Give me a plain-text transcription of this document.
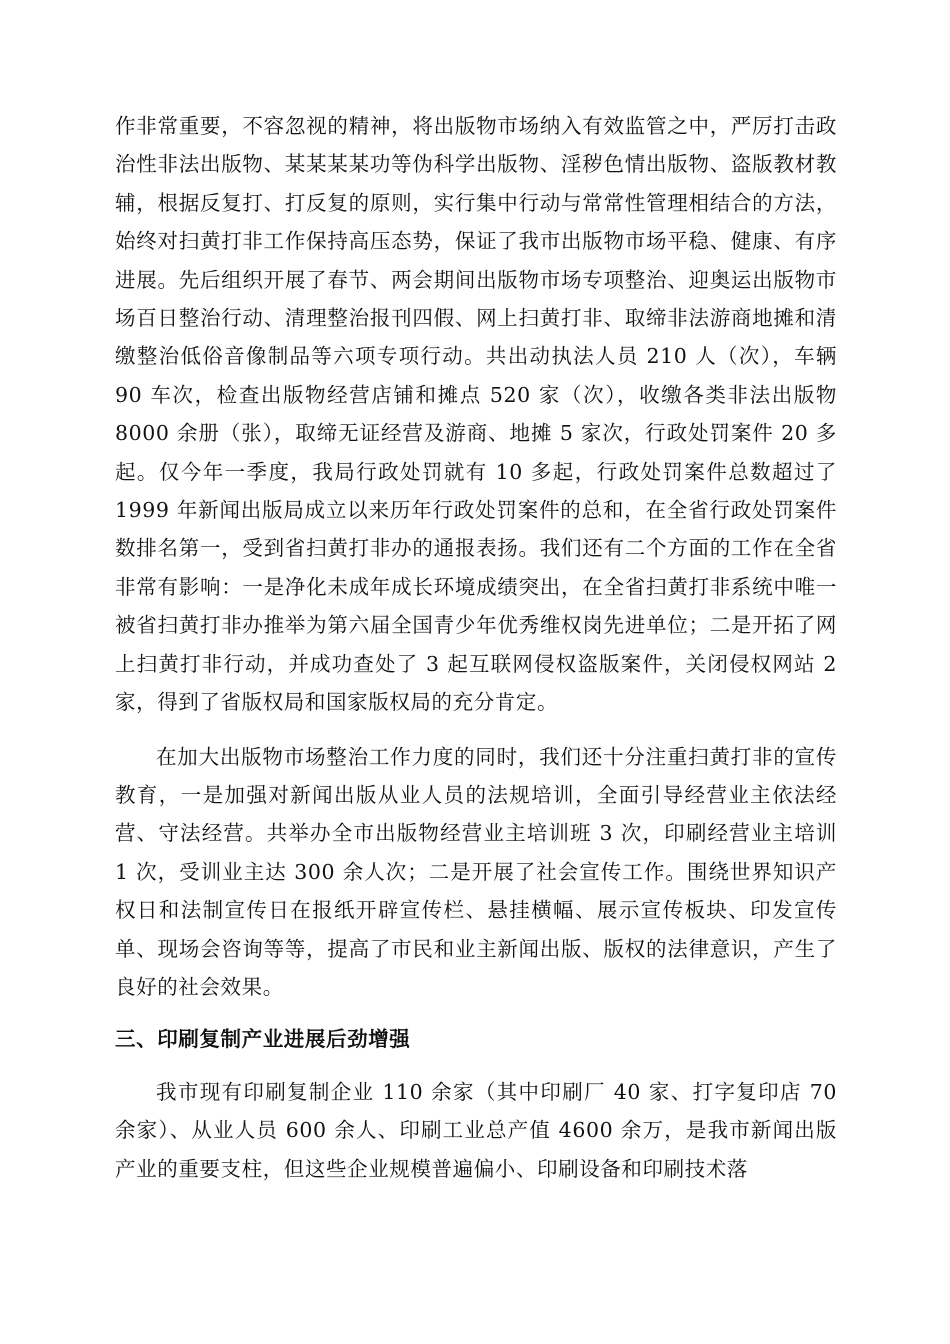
作非常重要，不容忽视的精神，将出版物市场纳入有效监管之中，严厉打击政治性非法出版物、某某某某功等伪科学出版物、淫秽色情出版物、盗版教材教辅，根据反复打、打反复的原则，实行集中行动与常常性管理相结合的方法，始终对扫黄打非工作保持高压态势，保证了我市出版物市场平稳、健康、有序进展。先后组织开展了春节、两会期间出版物市场专项整治、迎奥运出版物市场百日整治行动、清理整治报刊四假、网上扫黄打非、取缔非法游商地摊和清缴整治低俗音像制品等六项专项行动。共出动执法人员 210 人（次），车辆 90 车次，检查出版物经营店铺和摊点 520 家（次），收缴各类非法出版物 8000 余册（张），取缔无证经营及游商、地摊 5 家次，行政处罚案件 20 多起。仅今年一季度，我局行政处罚就有 10 多起，行政处罚案件总数超过了 1999 年新闻出版局成立以来历年行政处罚案件的总和，在全省行政处罚案件数排名第一，受到省扫黄打非办的通报表扬。我们还有二个方面的工作在全省非常有影响：一是净化未成年成长环境成绩突出，在全省扫黄打非系统中唯一被省扫黄打非办推举为第六届全国青少年优秀维权岗先进单位；二是开拓了网上扫黄打非行动，并成功查处了 3 起互联网侵权盗版案件，关闭侵权网站 2 家，得到了省版权局和国家版权局的充分肯定。

在加大出版物市场整治工作力度的同时，我们还十分注重扫黄打非的宣传教育，一是加强对新闻出版从业人员的法规培训，全面引导经营业主依法经营、守法经营。共举办全市出版物经营业主培训班 3 次，印刷经营业主培训 1 次，受训业主达 300 余人次；二是开展了社会宣传工作。围绕世界知识产权日和法制宣传日在报纸开辟宣传栏、悬挂横幅、展示宣传板块、印发宣传单、现场会咨询等等，提高了市民和业主新闻出版、版权的法律意识，产生了良好的社会效果。

三、印刷复制产业进展后劲增强

我市现有印刷复制企业 110 余家（其中印刷厂 40 家、打字复印店 70 余家）、从业人员 600 余人、印刷工业总产值 4600 余万，是我市新闻出版产业的重要支柱，但这些企业规模普遍偏小、印刷设备和印刷技术落
